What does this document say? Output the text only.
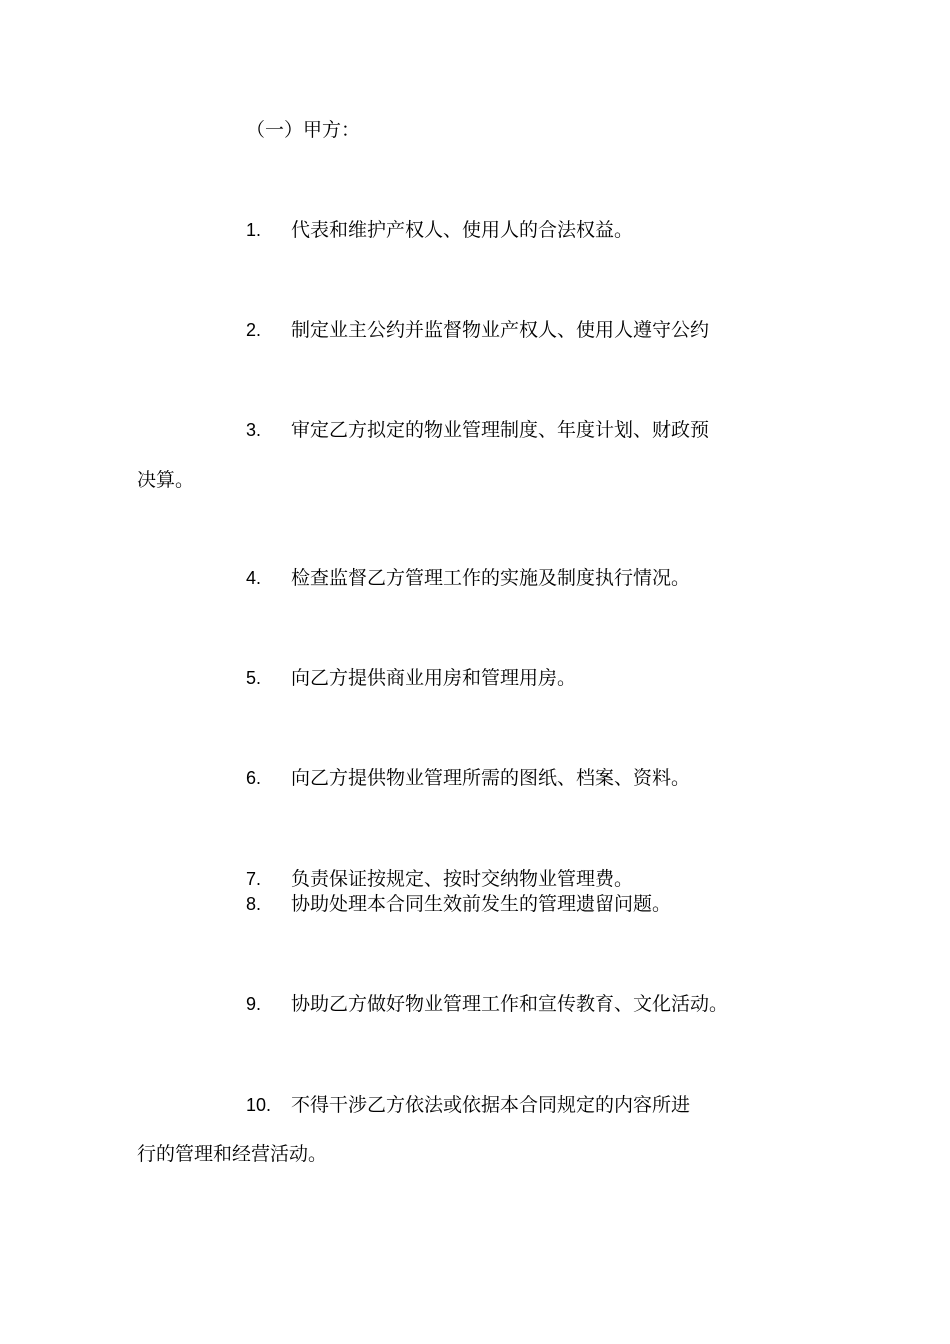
（一）甲方：
1. 代表和维护产权人、使用人的合法权益。
2. 制定业主公约并监督物业产权人、使用人遵守公约
3. 审定乙方拟定的物业管理制度、年度计划、财政预
决算。
4. 检查监督乙方管理工作的实施及制度执行情况。
5. 向乙方提供商业用房和管理用房。
6. 向乙方提供物业管理所需的图纸、档案、资料。
7. 负责保证按规定、按时交纳物业管理费。
8. 协助处理本合同生效前发生的管理遗留问题。
9. 协助乙方做好物业管理工作和宣传教育、文化活动。
10. 不得干涉乙方依法或依据本合同规定的内容所进
行的管理和经营活动。
